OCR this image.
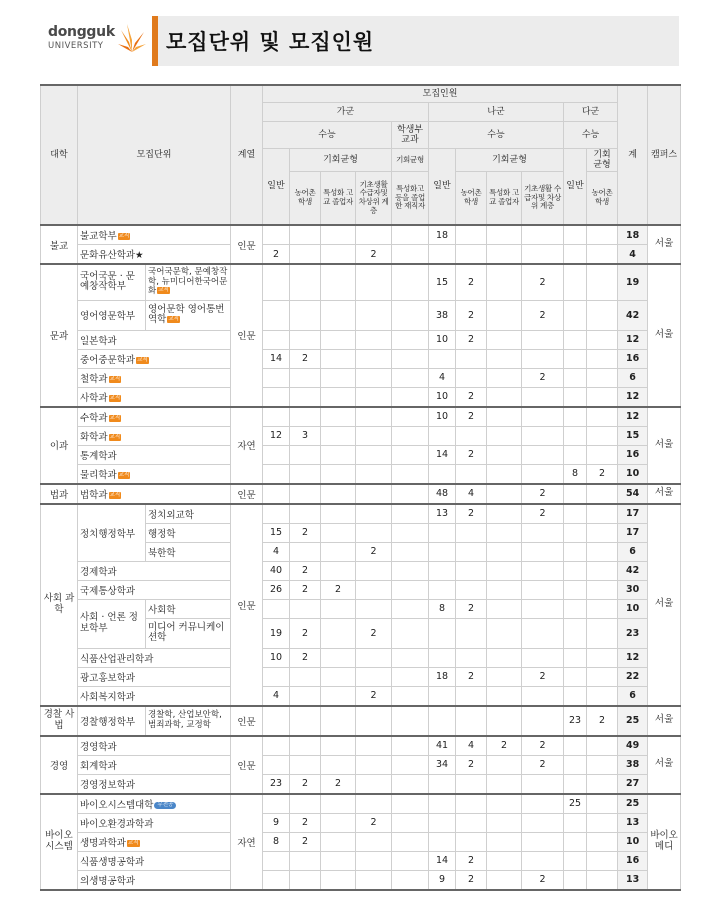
dongguk
UNIVERSITY	모집단위 및 모집인원
대학	모집단위		계열	모집인원											계	캠퍼스
				가군					나군				다군			
				수능				학생부 교과	수능				수능			
				일반	기회균형			기회균형	일반	기회균형			일반	기회 균형		
					농어촌 학생	특성화 고교 졸업자	기초생활 수급자및 차상위 계층	특성화고 등을 졸업한 재직자		농어촌 학생	특성화 고교 졸업자	기초생활 수급자및 차상위 계층		농어촌 학생		
불교	불교학부 교직		인문						18						18	서울
	문화유산학과★			2			2								4	
문과	국어국문 · 문예창작학부	국어국문학, 문예창작학, 뉴미디어한국어문화 교직	인문						15	2		2			19	서울
	영어영문학부	영어문학 영어통번역학 교직							38	2		2			42	
	일본학과								10	2					12	
	중어중문학과 교직			14	2										16	
	철학과 교직								4			2			6	
	사학과 교직								10	2					12	
이과	수학과 교직		자연						10	2					12	서울
	화학과 교직			12	3										15	
	통계학과								14	2					16	
	물리학과 교직												8	2	10	
법과	법학과 교직		인문						48	4		2			54	서울
사회 과학	정치행정학부	정치외교학	인문						13	2		2			17	서울
		행정학		15	2										17	
		북한학		4			2								6	
	경제학과			40	2										42	
	국제통상학과			26	2	2									30	
	사회 · 언론 정보학부	사회학							8	2					10	
		미디어 커뮤니케이션학		19	2		2								23	
	식품산업관리학과			10	2										12	
	광고홍보학과								18	2		2			22	
	사회복지학과			4			2								6	
경찰 사법	경찰행정학부	경찰학, 산업보안학, 범죄과학, 교정학	인문										23	2	25	서울
경영	경영학과		인문						41	4	2	2			49	서울
	회계학과								34	2		2			38	
	경영정보학과			23	2	2									27	
바이오 시스템	바이오시스템대학 무전공		자연										25		25	바이오 메디
	바이오환경과학과			9	2		2								13	
	생명과학과 교직			8	2										10	
	식품생명공학과								14	2					16	
	의생명공학과								9	2		2			13	
